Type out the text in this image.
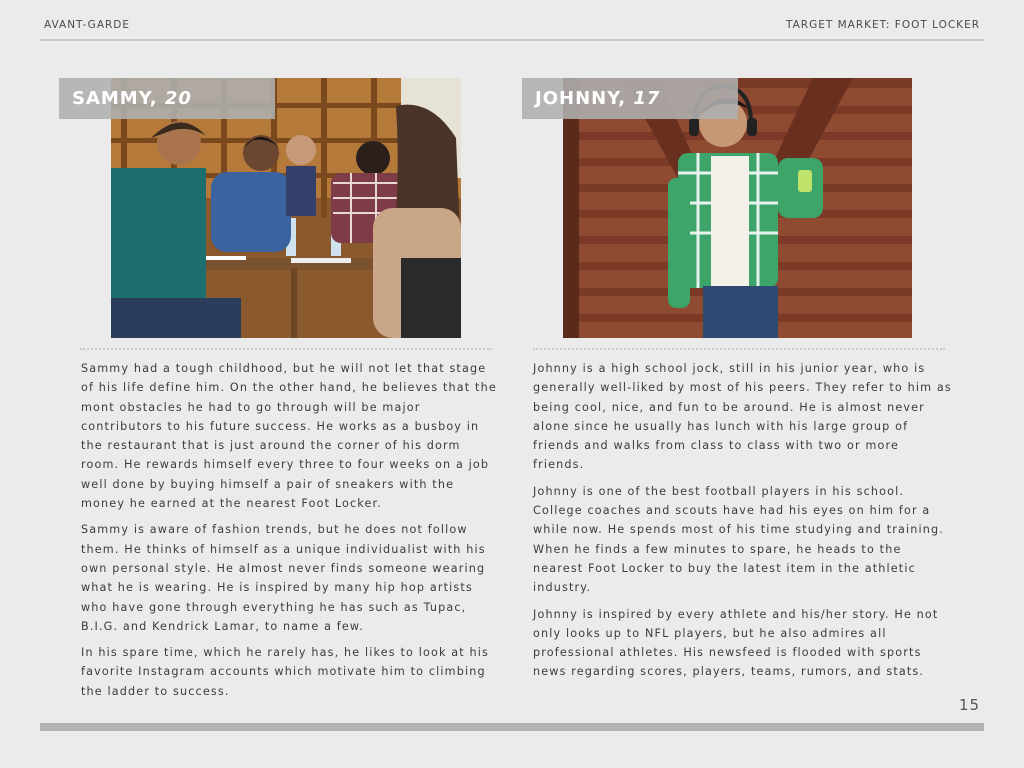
AVANT-GARDE	TARGET MARKET: FOOT LOCKER
SAMMY, 20	JOHNNY, 17

Sammy had a tough childhood, but he will not let that stage of his life define him. On the other hand, he believes that the mont obstacles he had to go through will be major contributors to his future success. He works as a busboy in the restaurant that is just around the corner of his dorm room. He rewards himself every three to four weeks on a job well done by buying himself a pair of sneakers with the money he earned at the nearest Foot Locker.

Sammy is aware of fashion trends, but he does not follow them. He thinks of himself as a unique individualist with his own personal style. He almost never finds someone wearing what he is wearing. He is inspired by many hip hop artists who have gone through everything he has such as Tupac, B.I.G. and Kendrick Lamar, to name a few.

In his spare time, which he rarely has, he likes to look at his favorite Instagram accounts which motivate him to climbing the ladder to success.

Johnny is a high school jock, still in his junior year, who is generally well-liked by most of his peers. They refer to him as being cool, nice, and fun to be around. He is almost never alone since he usually has lunch with his large group of friends and walks from class to class with two or more friends.

Johnny is one of the best football players in his school. College coaches and scouts have had his eyes on him for a while now. He spends most of his time studying and training. When he finds a few minutes to spare, he heads to the nearest Foot Locker to buy the latest item in the athletic industry.

Johnny is inspired by every athlete and his/her story. He not only looks up to NFL players, but he also admires all professional athletes. His newsfeed is flooded with sports news regarding scores, players, teams, rumors, and stats.

15
